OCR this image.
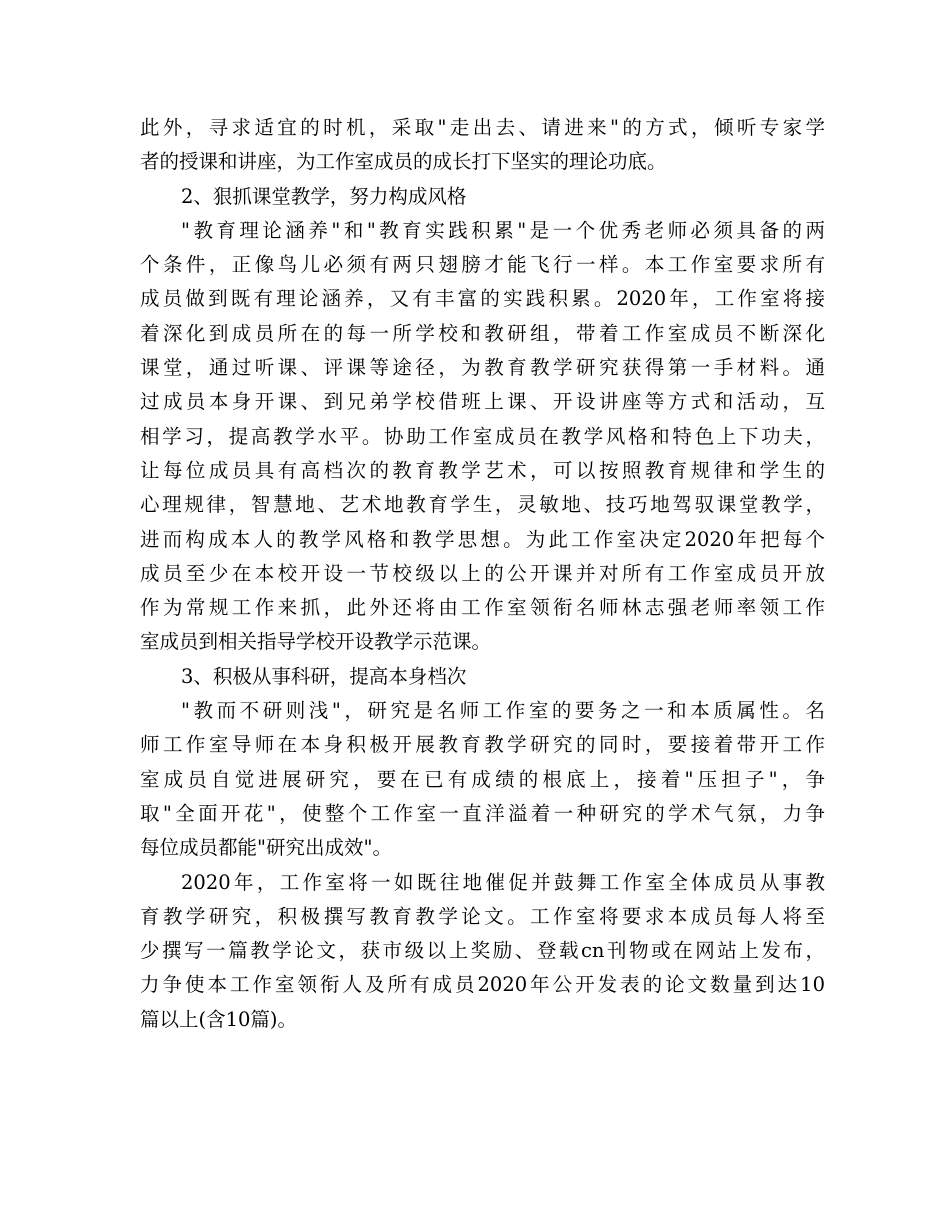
此外，寻求适宜的时机，采取"走出去、请进来"的方式，倾听专家学
者的授课和讲座，为工作室成员的成长打下坚实的理论功底。
2、狠抓课堂教学，努力构成风格
"教育理论涵养"和"教育实践积累"是一个优秀老师必须具备的两
个条件，正像鸟儿必须有两只翅膀才能飞行一样。本工作室要求所有
成员做到既有理论涵养，又有丰富的实践积累。2020年，工作室将接
着深化到成员所在的每一所学校和教研组，带着工作室成员不断深化
课堂，通过听课、评课等途径，为教育教学研究获得第一手材料。通
过成员本身开课、到兄弟学校借班上课、开设讲座等方式和活动，互
相学习，提高教学水平。协助工作室成员在教学风格和特色上下功夫，
让每位成员具有高档次的教育教学艺术，可以按照教育规律和学生的
心理规律，智慧地、艺术地教育学生，灵敏地、技巧地驾驭课堂教学，
进而构成本人的教学风格和教学思想。为此工作室决定2020年把每个
成员至少在本校开设一节校级以上的公开课并对所有工作室成员开放
作为常规工作来抓，此外还将由工作室领衔名师林志强老师率领工作
室成员到相关指导学校开设教学示范课。
3、积极从事科研，提高本身档次
"教而不研则浅"，研究是名师工作室的要务之一和本质属性。名
师工作室导师在本身积极开展教育教学研究的同时，要接着带开工作
室成员自觉进展研究，要在已有成绩的根底上，接着"压担子"，争
取"全面开花"，使整个工作室一直洋溢着一种研究的学术气氛，力争
每位成员都能"研究出成效"。
2020年，工作室将一如既往地催促并鼓舞工作室全体成员从事教
育教学研究，积极撰写教育教学论文。工作室将要求本成员每人将至
少撰写一篇教学论文，获市级以上奖励、登载cn刊物或在网站上发布，
力争使本工作室领衔人及所有成员2020年公开发表的论文数量到达10
篇以上(含10篇)。
